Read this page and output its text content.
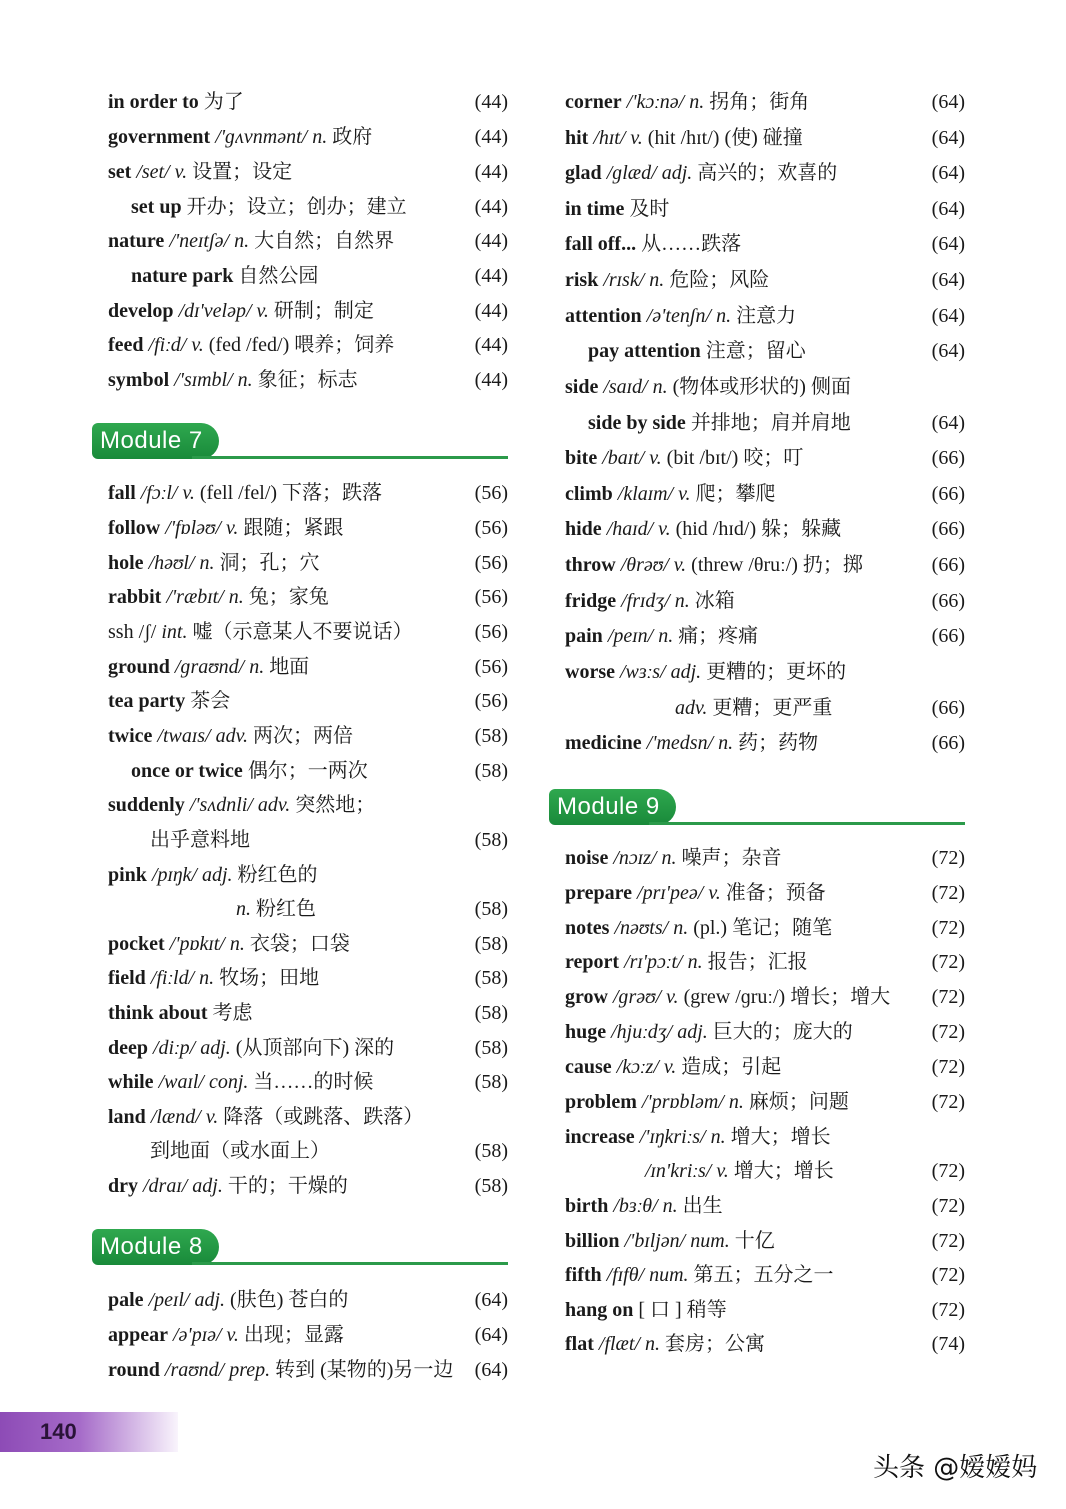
in order to 为了	(44)
government /'ɡʌvnmənt/ n. 政府	(44)
set /set/ v. 设置；设定	(44)
set up 开办；设立；创办；建立	(44)
nature /'neɪtʃə/ n. 大自然；自然界	(44)
nature park 自然公园	(44)
develop /dɪ'veləp/ v. 研制；制定	(44)
feed /fiːd/ v. (fed /fed/) 喂养；饲养	(44)
symbol /'sɪmbl/ n. 象征；标志	(44)
Module 7
fall /fɔːl/ v. (fell /fel/) 下落；跌落	(56)
follow /'fɒləʊ/ v. 跟随；紧跟	(56)
hole /həʊl/ n. 洞；孔；穴	(56)
rabbit /'ræbɪt/ n. 兔；家兔	(56)
ssh /ʃ/ int. 嘘（示意某人不要说话）	(56)
ground /ɡraʊnd/ n. 地面	(56)
tea party 茶会	(56)
twice /twaɪs/ adv. 两次；两倍	(58)
once or twice 偶尔；一两次	(58)
suddenly /'sʌdnli/ adv. 突然地；
出乎意料地	(58)
pink /pɪŋk/ adj. 粉红色的
n. 粉红色	(58)
pocket /'pɒkɪt/ n. 衣袋；口袋	(58)
field /fiːld/ n. 牧场；田地	(58)
think about 考虑	(58)
deep /diːp/ adj. (从顶部向下) 深的	(58)
while /waɪl/ conj. 当……的时候	(58)
land /lænd/ v. 降落（或跳落、跌落）
到地面（或水面上）	(58)
dry /draɪ/ adj. 干的；干燥的	(58)
Module 8
pale /peɪl/ adj. (肤色) 苍白的	(64)
appear /ə'pɪə/ v. 出现；显露	(64)
round /raʊnd/ prep. 转到 (某物的)另一边 (64)
corner /'kɔːnə/ n. 拐角；街角	(64)
hit /hɪt/ v. (hit /hɪt/) (使) 碰撞	(64)
glad /ɡlæd/ adj. 高兴的；欢喜的	(64)
in time 及时	(64)
fall off... 从……跌落	(64)
risk /rɪsk/ n. 危险；风险	(64)
attention /ə'tenʃn/ n. 注意力	(64)
pay attention 注意；留心	(64)
side /saɪd/ n. (物体或形状的) 侧面
side by side 并排地；肩并肩地	(64)
bite /baɪt/ v. (bit /bɪt/) 咬；叮	(66)
climb /klaɪm/ v. 爬；攀爬	(66)
hide /haɪd/ v. (hid /hɪd/) 躲；躲藏	(66)
throw /θrəʊ/ v. (threw /θruː/) 扔；掷	(66)
fridge /frɪdʒ/ n. 冰箱	(66)
pain /peɪn/ n. 痛；疼痛	(66)
worse /wɜːs/ adj. 更糟的；更坏的
adv. 更糟；更严重	(66)
medicine /'medsn/ n. 药；药物	(66)
Module 9
noise /nɔɪz/ n. 噪声；杂音	(72)
prepare /prɪ'peə/ v. 准备；预备	(72)
notes /nəʊts/ n. (pl.) 笔记；随笔	(72)
report /rɪ'pɔːt/ n. 报告；汇报	(72)
grow /ɡrəʊ/ v. (grew /ɡruː/) 增长；增大 (72)
huge /hjuːdʒ/ adj. 巨大的；庞大的	(72)
cause /kɔːz/ v. 造成；引起	(72)
problem /'prɒbləm/ n. 麻烦；问题	(72)
increase /'ɪŋkriːs/ n. 增大；增长
/ɪn'kriːs/ v. 增大；增长	(72)
birth /bɜːθ/ n. 出生	(72)
billion /'bɪljən/ num. 十亿	(72)
fifth /fɪfθ/ num. 第五；五分之一	(72)
hang on [ 口 ] 稍等	(72)
flat /flæt/ n. 套房；公寓	(74)
140
头条 @嫒嫒妈
